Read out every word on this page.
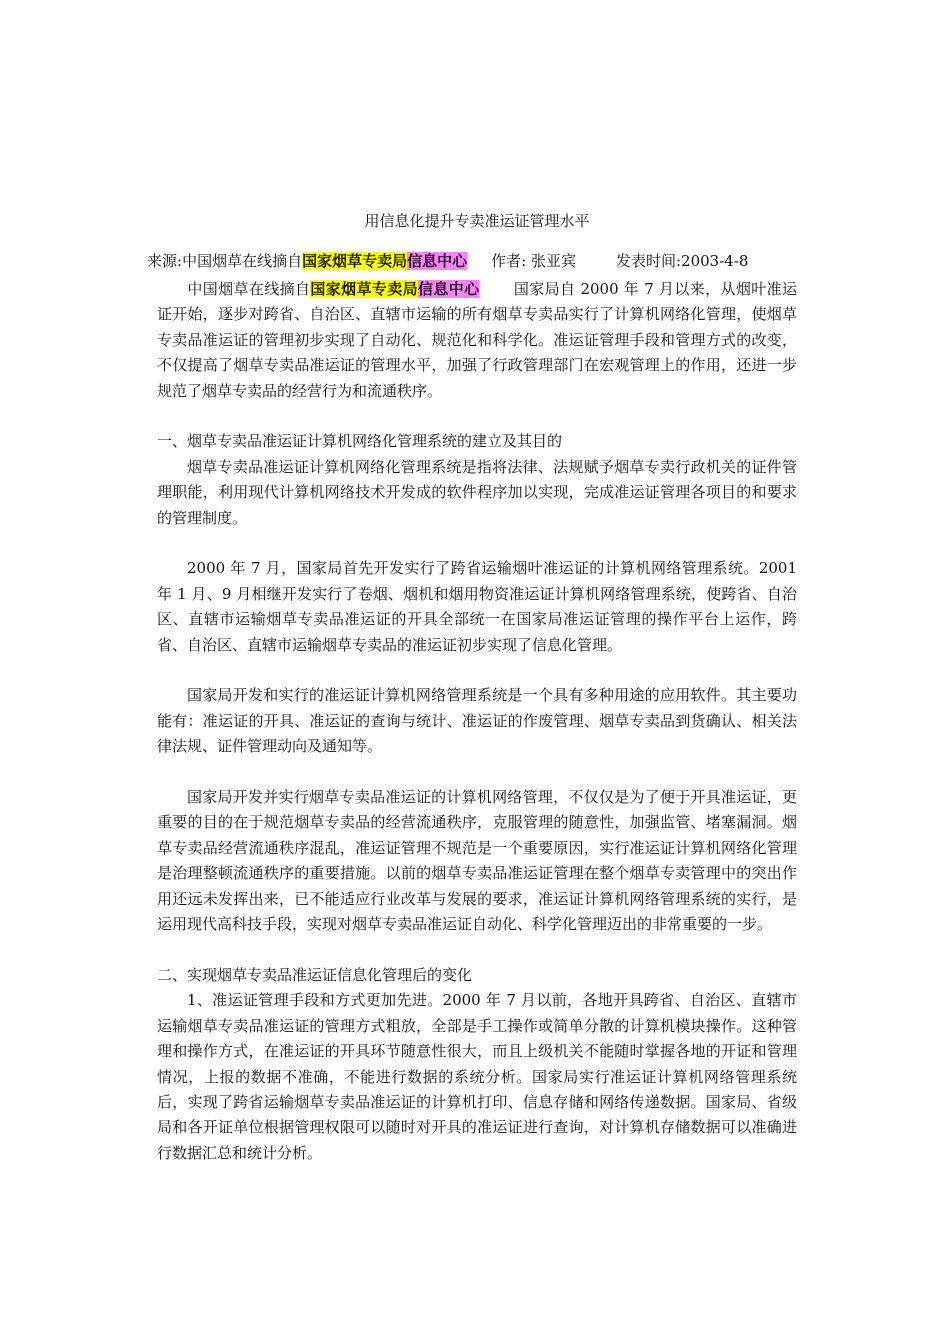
用信息化提升专卖准运证管理水平
来源:中国烟草在线摘自国家烟草专卖局信息中心 作者: 张亚宾	发表时间:2003-4-8

中国烟草在线摘自国家烟草专卖局信息中心 国家局自 2000 年 7 月以来，从烟叶准运证开始，逐步对跨省、自治区、直辖市运输的所有烟草专卖品实行了计算机网络化管理，使烟草专卖品准运证的管理初步实现了自动化、规范化和科学化。准运证管理手段和管理方式的改变，不仅提高了烟草专卖品准运证的管理水平，加强了行政管理部门在宏观管理上的作用，还进一步规范了烟草专卖品的经营行为和流通秩序。

一、烟草专卖品准运证计算机网络化管理系统的建立及其目的

烟草专卖品准运证计算机网络化管理系统是指将法律、法规赋予烟草专卖行政机关的证件管理职能，利用现代计算机网络技术开发成的软件程序加以实现，完成准运证管理各项目的和要求的管理制度。

2000 年 7 月，国家局首先开发实行了跨省运输烟叶准运证的计算机网络管理系统。2001 年 1 月、9 月相继开发实行了卷烟、烟机和烟用物资准运证计算机网络管理系统，使跨省、自治区、直辖市运输烟草专卖品准运证的开具全部统一在国家局准运证管理的操作平台上运作，跨省、自治区、直辖市运输烟草专卖品的准运证初步实现了信息化管理。

国家局开发和实行的准运证计算机网络管理系统是一个具有多种用途的应用软件。其主要功能有：准运证的开具、准运证的查询与统计、准运证的作废管理、烟草专卖品到货确认、相关法律法规、证件管理动向及通知等。

国家局开发并实行烟草专卖品准运证的计算机网络管理，不仅仅是为了便于开具准运证，更重要的目的在于规范烟草专卖品的经营流通秩序，克服管理的随意性，加强监管、堵塞漏洞。烟草专卖品经营流通秩序混乱，准运证管理不规范是一个重要原因，实行准运证计算机网络化管理是治理整顿流通秩序的重要措施。以前的烟草专卖品准运证管理在整个烟草专卖管理中的突出作用还远未发挥出来，已不能适应行业改革与发展的要求，准运证计算机网络管理系统的实行，是运用现代高科技手段，实现对烟草专卖品准运证自动化、科学化管理迈出的非常重要的一步。

二、实现烟草专卖品准运证信息化管理后的变化

1、准运证管理手段和方式更加先进。2000 年 7 月以前，各地开具跨省、自治区、直辖市运输烟草专卖品准运证的管理方式粗放，全部是手工操作或简单分散的计算机模块操作。这种管理和操作方式，在准运证的开具环节随意性很大，而且上级机关不能随时掌握各地的开证和管理情况，上报的数据不准确，不能进行数据的系统分析。国家局实行准运证计算机网络管理系统后，实现了跨省运输烟草专卖品准运证的计算机打印、信息存储和网络传递数据。国家局、省级局和各开证单位根据管理权限可以随时对开具的准运证进行查询，对计算机存储数据可以准确进行数据汇总和统计分析。
